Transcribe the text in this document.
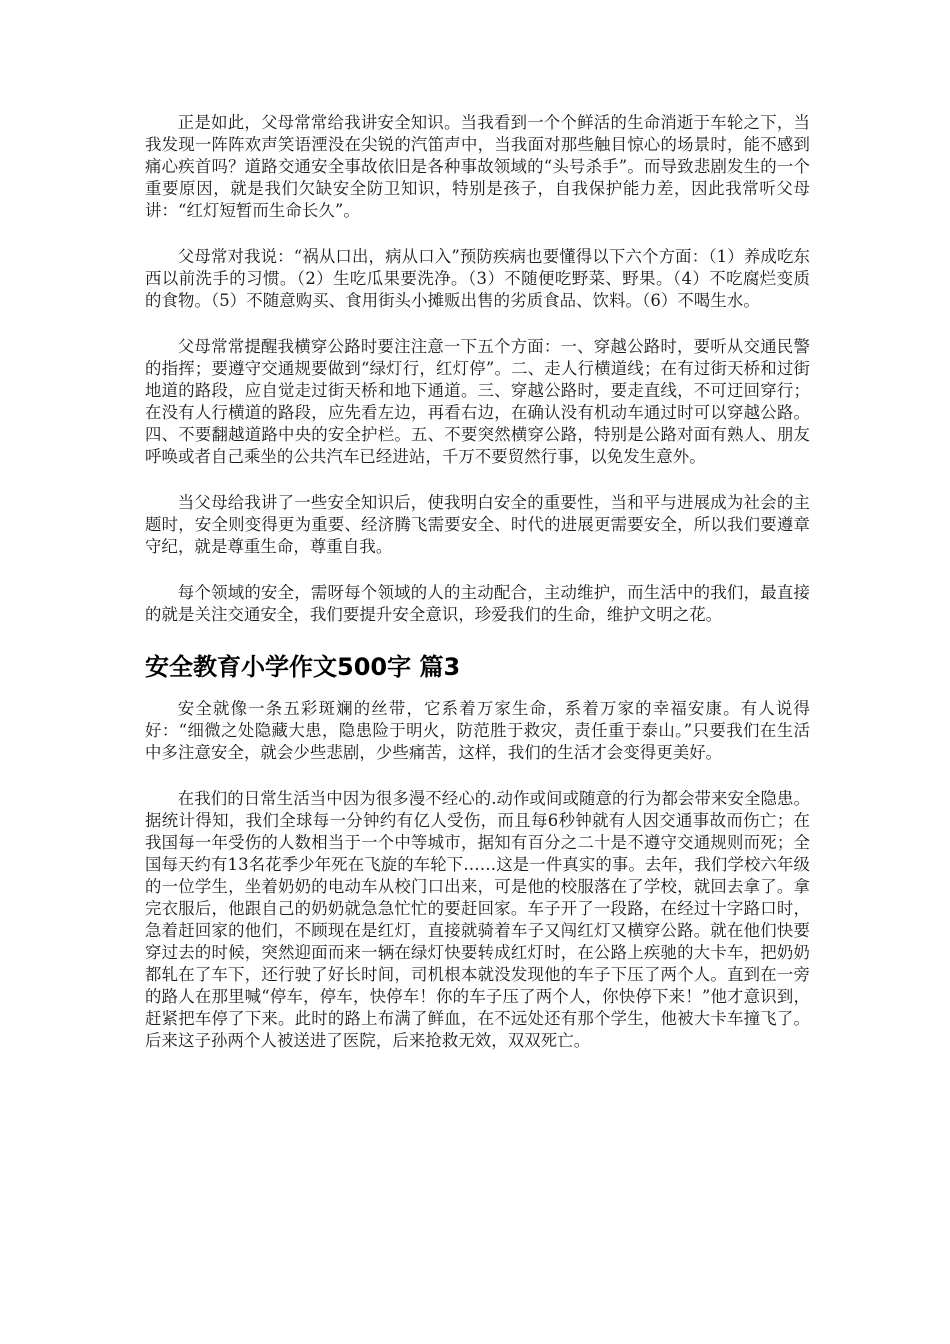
正是如此，父母常常给我讲安全知识。当我看到一个个鲜活的生命消逝于车轮之下，当我发现一阵阵欢声笑语湮没在尖锐的汽笛声中，当我面对那些触目惊心的场景时，能不感到痛心疾首吗？道路交通安全事故依旧是各种事故领域的“头号杀手”。而导致悲剧发生的一个重要原因，就是我们欠缺安全防卫知识，特别是孩子，自我保护能力差，因此我常听父母讲：“红灯短暂而生命长久”。

父母常对我说：“祸从口出，病从口入”预防疾病也要懂得以下六个方面：（1）养成吃东西以前洗手的习惯。（2）生吃瓜果要洗净。（3）不随便吃野菜、野果。（4）不吃腐烂变质的食物。（5）不随意购买、食用街头小摊贩出售的劣质食品、饮料。（6）不喝生水。

父母常常提醒我横穿公路时要注注意一下五个方面：一、穿越公路时，要听从交通民警的指挥；要遵守交通规要做到“绿灯行，红灯停”。二、走人行横道线；在有过街天桥和过街地道的路段，应自觉走过街天桥和地下通道。三、穿越公路时，要走直线，不可迂回穿行；在没有人行横道的路段，应先看左边，再看右边，在确认没有机动车通过时可以穿越公路。四、不要翻越道路中央的安全护栏。五、不要突然横穿公路，特别是公路对面有熟人、朋友呼唤或者自己乘坐的公共汽车已经进站，千万不要贸然行事，以免发生意外。

当父母给我讲了一些安全知识后，使我明白安全的重要性，当和平与进展成为社会的主题时，安全则变得更为重要、经济腾飞需要安全、时代的进展更需要安全，所以我们要遵章守纪，就是尊重生命，尊重自我。

每个领域的安全，需呀每个领域的人的主动配合，主动维护，而生活中的我们，最直接的就是关注交通安全，我们要提升安全意识，珍爱我们的生命，维护文明之花。

安全教育小学作文500字 篇3

安全就像一条五彩斑斓的丝带，它系着万家生命，系着万家的幸福安康。有人说得好：“细微之处隐藏大患，隐患险于明火，防范胜于救灾，责任重于泰山。”只要我们在生活中多注意安全，就会少些悲剧，少些痛苦，这样，我们的生活才会变得更美好。

在我们的日常生活当中因为很多漫不经心的.动作或间或随意的行为都会带来安全隐患。据统计得知，我们全球每一分钟约有亿人受伤，而且每6秒钟就有人因交通事故而伤亡；在我国每一年受伤的人数相当于一个中等城市，据知有百分之二十是不遵守交通规则而死；全国每天约有13名花季少年死在飞旋的车轮下……这是一件真实的事。去年，我们学校六年级的一位学生，坐着奶奶的电动车从校门口出来，可是他的校服落在了学校，就回去拿了。拿完衣服后，他跟自己的奶奶就急急忙忙的要赶回家。车子开了一段路，在经过十字路口时，急着赶回家的他们，不顾现在是红灯，直接就骑着车子又闯红灯又横穿公路。就在他们快要穿过去的时候，突然迎面而来一辆在绿灯快要转成红灯时，在公路上疾驰的大卡车，把奶奶都轧在了车下，还行驶了好长时间，司机根本就没发现他的车子下压了两个人。直到在一旁的路人在那里喊“停车，停车，快停车！你的车子压了两个人，你快停下来！”他才意识到，赶紧把车停了下来。此时的路上布满了鲜血，在不远处还有那个学生，他被大卡车撞飞了。后来这子孙两个人被送进了医院，后来抢救无效，双双死亡。
